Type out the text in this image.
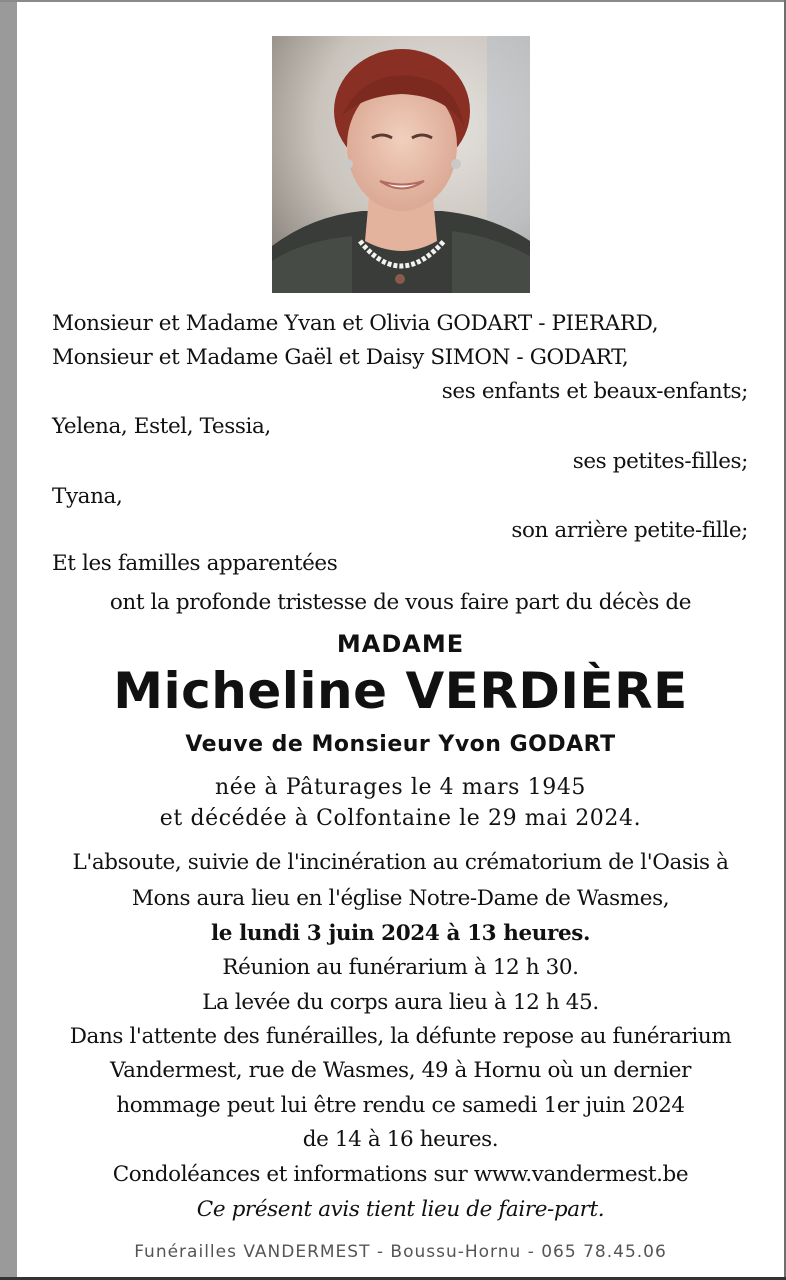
Monsieur et Madame Yvan et Olivia GODART - PIERARD,
Monsieur et Madame Gaël et Daisy SIMON - GODART,
ses enfants et beaux-enfants;
Yelena, Estel, Tessia,
ses petites-filles;
Tyana,
son arrière petite-fille;
Et les familles apparentées
ont la profonde tristesse de vous faire part du décès de
MADAME
Micheline VERDIÈRE
Veuve de Monsieur Yvon GODART
née à Pâturages le 4 mars 1945
et décédée à Colfontaine le 29 mai 2024.
L'absoute, suivie de l'incinération au crématorium de l'Oasis à
Mons aura lieu en l'église Notre-Dame de Wasmes,
le lundi 3 juin 2024 à 13 heures.
Réunion au funérarium à 12 h 30.
La levée du corps aura lieu à 12 h 45.
Dans l'attente des funérailles, la défunte repose au funérarium
Vandermest, rue de Wasmes, 49 à Hornu où un dernier
hommage peut lui être rendu ce samedi 1er juin 2024
de 14 à 16 heures.
Condoléances et informations sur www.vandermest.be
Ce présent avis tient lieu de faire-part.
Funérailles VANDERMEST - Boussu-Hornu - 065 78.45.06
